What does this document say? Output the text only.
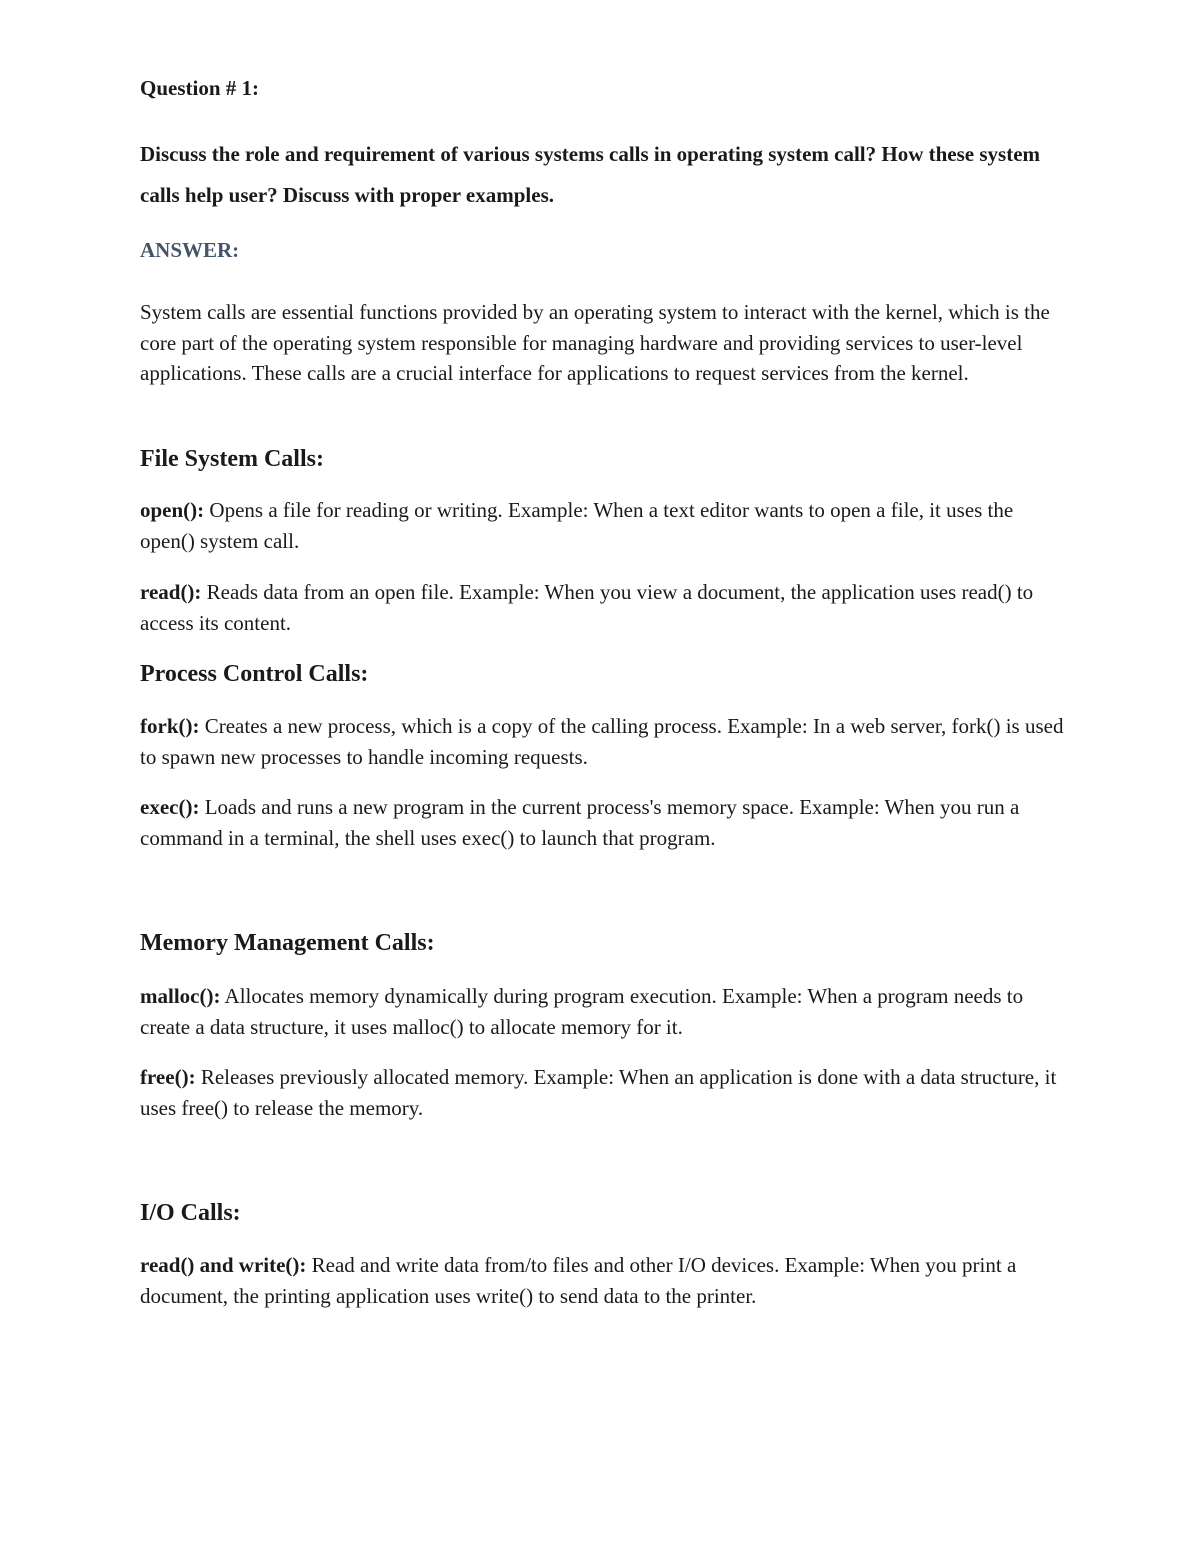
Question # 1:

Discuss the role and requirement of various systems calls in operating system call? How these system calls help user? Discuss with proper examples.

ANSWER:

System calls are essential functions provided by an operating system to interact with the kernel, which is the core part of the operating system responsible for managing hardware and providing services to user-level applications. These calls are a crucial interface for applications to request services from the kernel.

File System Calls:

open(): Opens a file for reading or writing. Example: When a text editor wants to open a file, it uses the open() system call.

read(): Reads data from an open file. Example: When you view a document, the application uses read() to access its content.

Process Control Calls:

fork(): Creates a new process, which is a copy of the calling process. Example: In a web server, fork() is used to spawn new processes to handle incoming requests.

exec(): Loads and runs a new program in the current process's memory space. Example: When you run a command in a terminal, the shell uses exec() to launch that program.

Memory Management Calls:

malloc(): Allocates memory dynamically during program execution. Example: When a program needs to create a data structure, it uses malloc() to allocate memory for it.

free(): Releases previously allocated memory. Example: When an application is done with a data structure, it uses free() to release the memory.

I/O Calls:

read() and write(): Read and write data from/to files and other I/O devices. Example: When you print a document, the printing application uses write() to send data to the printer.
